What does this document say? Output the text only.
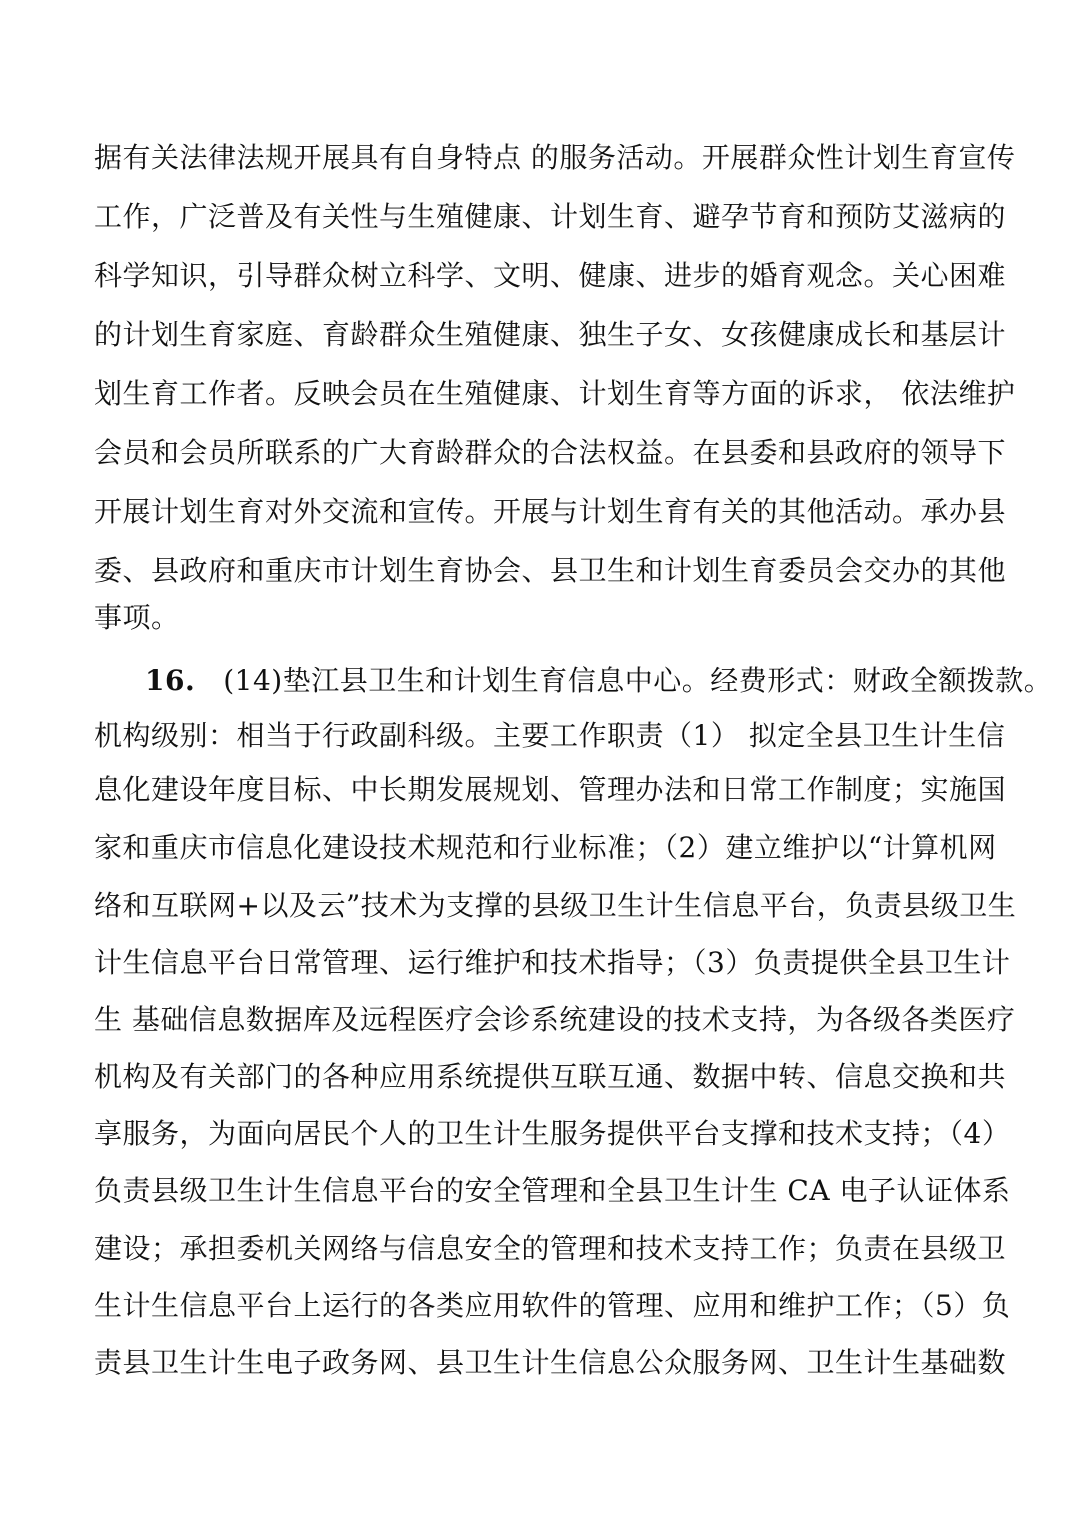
据有关法律法规开展具有自身特点 的服务活动。开展群众性计划生育宣传
工作，广泛普及有关性与生殖健康、计划生育、避孕节育和预防艾滋病的
科学知识，引导群众树立科学、文明、健康、进步的婚育观念。关心困难
的计划生育家庭、育龄群众生殖健康、独生子女、女孩健康成长和基层计
划生育工作者。反映会员在生殖健康、计划生育等方面的诉求， 依法维护
会员和会员所联系的广大育龄群众的合法权益。在县委和县政府的领导下
开展计划生育对外交流和宣传。开展与计划生育有关的其他活动。承办县
委、县政府和重庆市计划生育协会、县卫生和计划生育委员会交办的其他
事项。
16. (14)垫江县卫生和计划生育信息中心。经费形式：财政全额拨款。
机构级别：相当于行政副科级。主要工作职责（1） 拟定全县卫生计生信
息化建设年度目标、中长期发展规划、管理办法和日常工作制度；实施国
家和重庆市信息化建设技术规范和行业标准；（2）建立维护以“计算机网
络和互联网+以及云”技术为支撑的县级卫生计生信息平台，负责县级卫生
计生信息平台日常管理、运行维护和技术指导；（3）负责提供全县卫生计
生 基础信息数据库及远程医疗会诊系统建设的技术支持，为各级各类医疗
机构及有关部门的各种应用系统提供互联互通、数据中转、信息交换和共
享服务，为面向居民个人的卫生计生服务提供平台支撑和技术支持；（4）
负责县级卫生计生信息平台的安全管理和全县卫生计生 CA 电子认证体系
建设；承担委机关网络与信息安全的管理和技术支持工作；负责在县级卫
生计生信息平台上运行的各类应用软件的管理、应用和维护工作；（5）负
责县卫生计生电子政务网、县卫生计生信息公众服务网、卫生计生基础数
